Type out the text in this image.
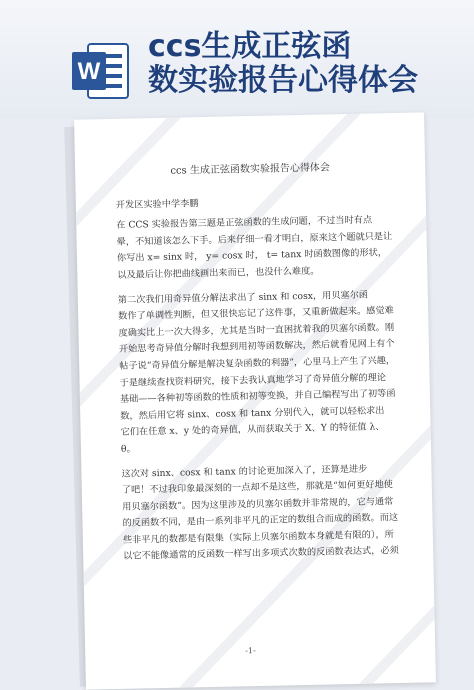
W
ccs生成正弦函
数实验报告心得体会
ccs 生成正弦函数实验报告心得体会
开发区实验中学李鹏
在 CCS 实验报告第三题是正弦函数的生成问题，不过当时有点
晕，不知道该怎么下手。后来仔细一看才明白，原来这个题就只是让
你写出 x= sinx 时， y= cosx 时， t= tanx 时函数图像的形状，
以及最后让你把曲线画出来而已，也没什么难度。
第二次我们用奇异值分解法求出了 sinx 和 cosx，用贝塞尔函
数作了单调性判断，但又很快忘记了这件事，又重新做起来。感觉难
度确实比上一次大得多，尤其是当时一直困扰着我的贝塞尔函数。刚
开始思考奇异值分解时我想到用初等函数解决，然后就看见网上有个
帖子说“奇异值分解是解决复杂函数的利器”，心里马上产生了兴趣，
于是继续查找资料研究，接下去我认真地学习了奇异值分解的理论
基础——各种初等函数的性质和初等变换，并自己编程写出了初等函
数，然后用它将 sinx、cosx 和 tanx 分别代入，就可以轻松求出
它们在任意 x、y 处的奇异值，从而获取关于 X、Y 的特征值 λ、
θ。
这次对 sinx、cosx 和 tanx 的讨论更加深入了，还算是进步
了吧！不过我印象最深刻的一点却不是这些，那就是“如何更好地使
用贝塞尔函数”。因为这里涉及的贝塞尔函数并非常规的，它与通常
的反函数不同，是由一系列非平凡的正定的数组合而成的函数。而这
些非平凡的数都是有限集（实际上贝塞尔函数本身就是有限的），所
以它不能像通常的反函数一样写出多项式次数的反函数表达式，必须
-1-
